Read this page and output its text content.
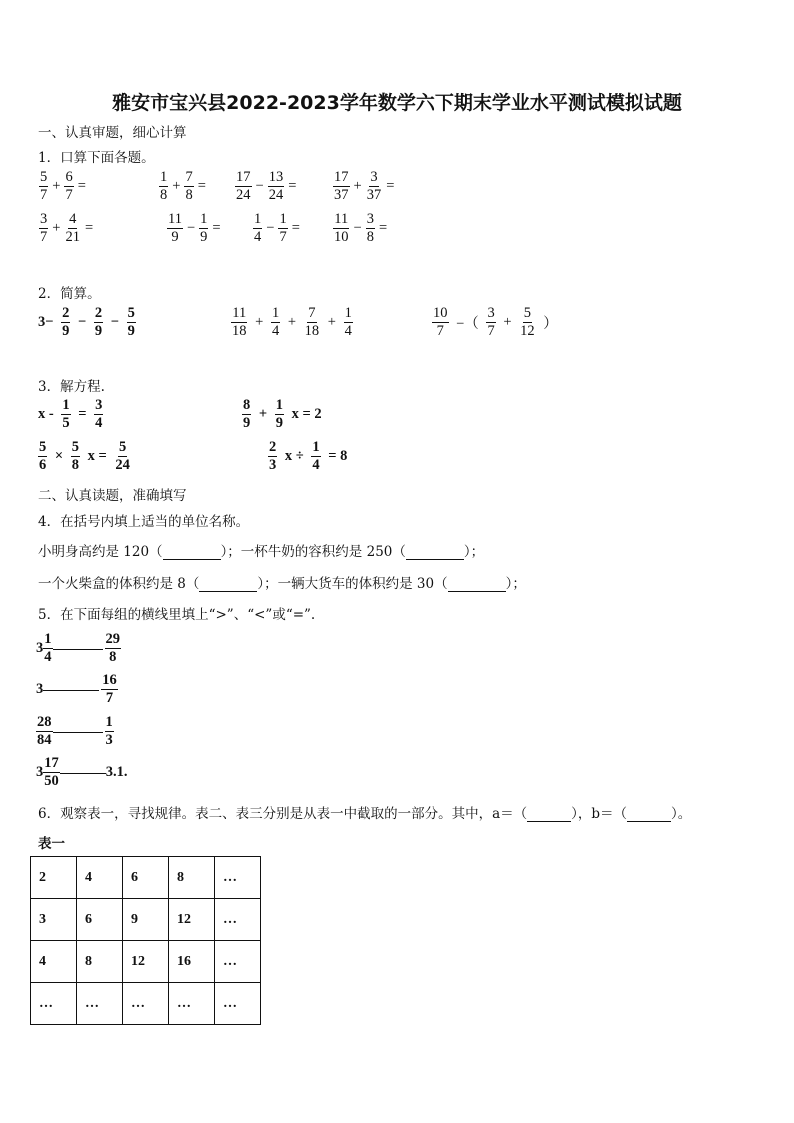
雅安市宝兴县2022-2023学年数学六下期末学业水平测试模拟试题
一、认真审题，细心计算
1．口算下面各题。
$\frac{5}{7} + \frac{6}{7}$ =	$\frac{1}{8} + \frac{7}{8} = \frac{17}{24} - \frac{13}{24}$ =	$\frac{17}{37} + \frac{3}{37}$ =
$\frac{3}{7} + \frac{4}{21}$ =	$\frac{11}{9} - \frac{1}{9} = \frac{1}{4} - \frac{1}{7} = \frac{11}{10} - \frac{3}{8}$ =
2．简算。
$3- \frac{2}{9} - \frac{2}{9} - \frac{5}{9}$	$\frac{11}{18} + \frac{1}{4} + \frac{7}{18} + \frac{1}{4}$	$\frac{10}{7}$ −（ $\frac{3}{7} + \frac{5}{12}$ ）
3．解方程.
$x - \frac{1}{5} = \frac{3}{4}$	$\frac{8}{9} + \frac{1}{9}$ x = 2
$\frac{5}{6} \times \frac{5}{8}$ $x = \frac{5}{24}$	$\frac{2}{3}$ $x \div \frac{1}{4} = 8$
二、认真读题，准确填写
4．在括号内填上适当的单位名称。
小明身高约是 120（	）；一杯牛奶的容积约是 250（	）；
一个火柴盒的体积约是 8（	）；一辆大货车的体积约是 30（	）；
5．在下面每组的横线里填上“>”、“<”或“=”.
$3 \frac{1}{4}$	$\frac{29}{8}$
3	$\frac{16}{7}$
$\frac{28}{84}$	$\frac{1}{3}$
$3 \frac{17}{50}$	3.1.
6．观察表一，寻找规律。表二、表三分别是从表一中截取的一部分。其中，a＝（	），b＝（	）。
表一
2	4	6	8	…
3	6	9	12	…
4	8	12	16	…
…	…	…	…	…
